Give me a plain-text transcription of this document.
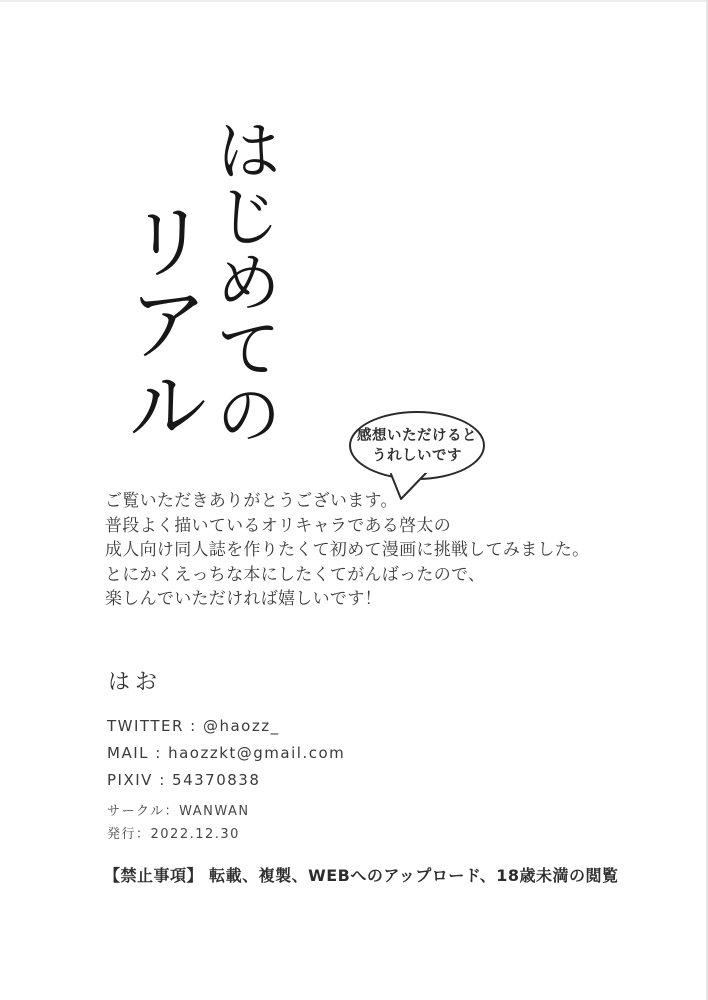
はじめての
リアル	感想いただけると
うれしいです
ご覧いただきありがとうございます。
普段よく描いているオリキャラである啓太の
成人向け同人誌を作りたくて初めて漫画に挑戦してみました。
とにかくえっちな本にしたくてがんばったので、
楽しんでいただければ嬉しいです！
はお
TWITTER : @haozz_
MAIL : haozzkt@gmail.com
PIXIV : 54370838
サークル：WANWAN
発行：2022.12.30
【禁止事項】 転載、複製、WEBへのアップロード、18歳未満の閲覧
